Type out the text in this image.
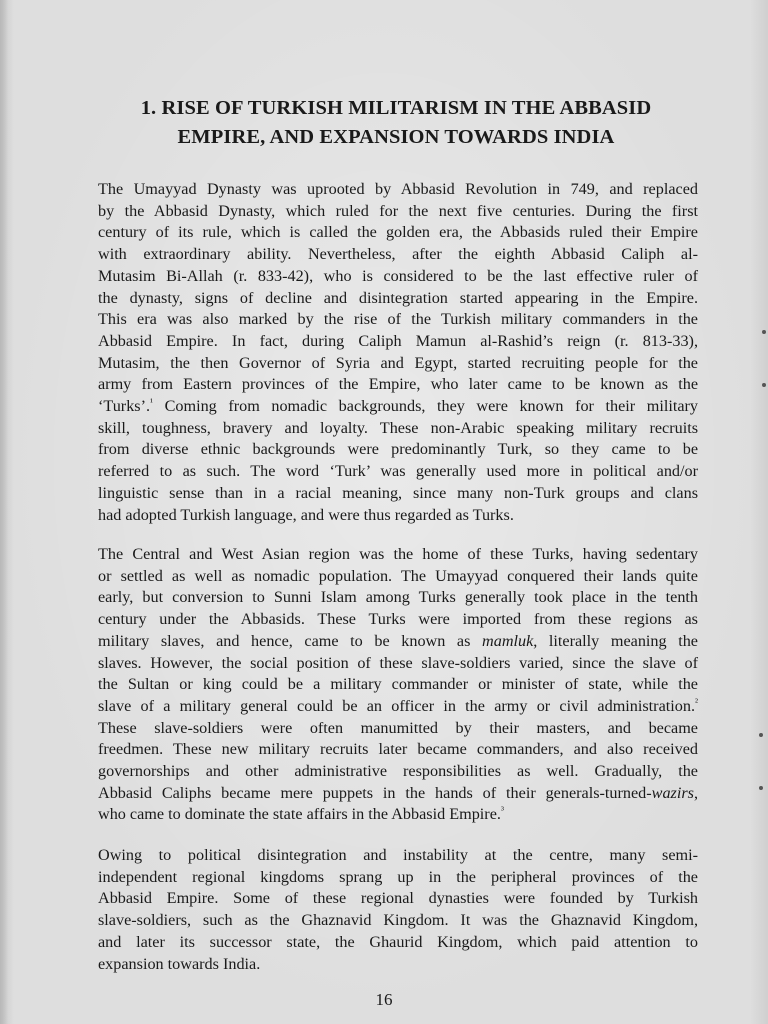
1. RISE OF TURKISH MILITARISM IN THE ABBASID
EMPIRE, AND EXPANSION TOWARDS INDIA
The Umayyad Dynasty was uprooted by Abbasid Revolution in 749, and replaced
by the Abbasid Dynasty, which ruled for the next five centuries. During the first
century of its rule, which is called the golden era, the Abbasids ruled their Empire
with extraordinary ability. Nevertheless, after the eighth Abbasid Caliph al-
Mutasim Bi-Allah (r. 833-42), who is considered to be the last effective ruler of
the dynasty, signs of decline and disintegration started appearing in the Empire.
This era was also marked by the rise of the Turkish military commanders in the
Abbasid Empire. In fact, during Caliph Mamun al-Rashid’s reign (r. 813-33),
Mutasim, the then Governor of Syria and Egypt, started recruiting people for the
army from Eastern provinces of the Empire, who later came to be known as the
‘Turks’.$^{^1}$ Coming from nomadic backgrounds, they were known for their military
skill, toughness, bravery and loyalty. These non-Arabic speaking military recruits
from diverse ethnic backgrounds were predominantly Turk, so they came to be
referred to as such. The word ‘Turk’ was generally used more in political and/or
linguistic sense than in a racial meaning, since many non-Turk groups and clans
had adopted Turkish language, and were thus regarded as Turks.
The Central and West Asian region was the home of these Turks, having sedentary
or settled as well as nomadic population. The Umayyad conquered their lands quite
early, but conversion to Sunni Islam among Turks generally took place in the tenth
century under the Abbasids. These Turks were imported from these regions as
military slaves, and hence, came to be known as mamluk, literally meaning the
slaves. However, the social position of these slave-soldiers varied, since the slave of
the Sultan or king could be a military commander or minister of state, while the
slave of a military general could be an officer in the army or civil administration.$^{^2}$
These slave-soldiers were often manumitted by their masters, and became
freedmen. These new military recruits later became commanders, and also received
governorships and other administrative responsibilities as well. Gradually, the
Abbasid Caliphs became mere puppets in the hands of their generals-turned-wazirs,
who came to dominate the state affairs in the Abbasid Empire.$^{^3}$
Owing to political disintegration and instability at the centre, many semi-
independent regional kingdoms sprang up in the peripheral provinces of the
Abbasid Empire. Some of these regional dynasties were founded by Turkish
slave-soldiers, such as the Ghaznavid Kingdom. It was the Ghaznavid Kingdom,
and later its successor state, the Ghaurid Kingdom, which paid attention to
expansion towards India.

16
